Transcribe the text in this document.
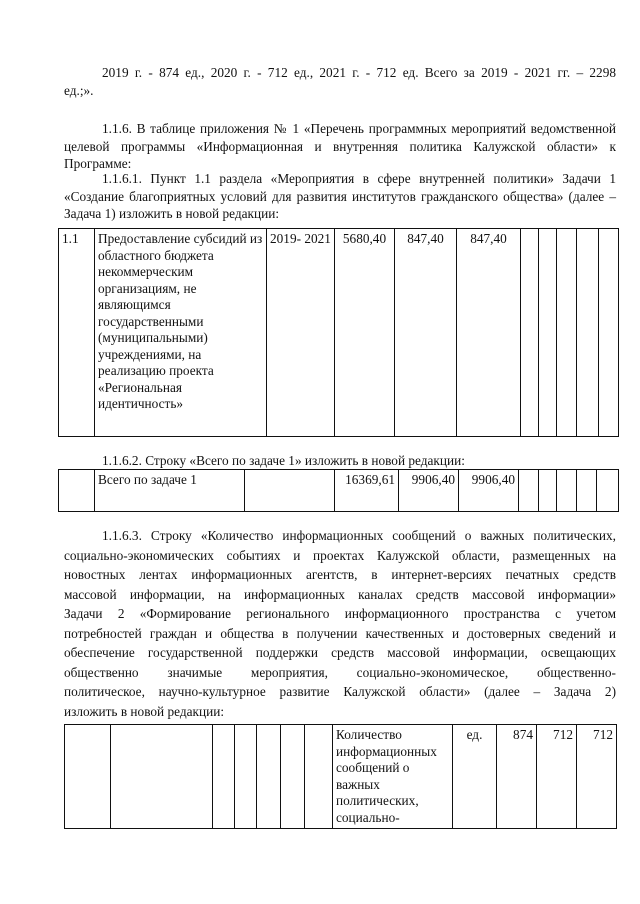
2019 г. - 874 ед., 2020 г. - 712 ед., 2021 г. - 712 ед. Всего за 2019 - 2021 гг. – 2298
ед.;».

1.1.6. В таблице приложения № 1 «Перечень программных мероприятий ведомственной целевой программы «Информационная и внутренняя политика Калужской области» к Программе:

1.1.6.1. Пункт 1.1 раздела «Мероприятия в сфере внутренней политики» Задачи 1 «Создание благоприятных условий для развития институтов гражданского общества» (далее – Задача 1) изложить в новой редакции:

1.1	Предоставление субсидий из областного бюджета некоммерческим организациям, не являющимся государственными (муниципальными) учреждениями, на реализацию проекта «Региональная идентичность»	2019- 2021	5680,40	847,40	847,40					

1.1.6.2. Строку «Всего по задаче 1» изложить в новой редакции:

	Всего по задаче 1		16369,61	9906,40	9906,40					
1.1.6.3. Строку «Количество информационных сообщений о важных политических,
социально-экономических событиях и проектах Калужской области, размещенных на
новостных лентах информационных агентств, в интернет-версиях печатных средств
массовой информации, на информационных каналах средств массовой информации»
Задачи 2 «Формирование регионального информационного пространства с учетом
потребностей граждан и общества в получении качественных и достоверных сведений и
обеспечение государственной поддержки средств массовой информации, освещающих
общественно значимые мероприятия, социально-экономическое, общественно-
политическое, научно-культурное развитие Калужской области» (далее – Задача 2)
изложить в новой редакции:
							Количество информационных сообщений о важных политических, социально-	ед.	874	712	712
